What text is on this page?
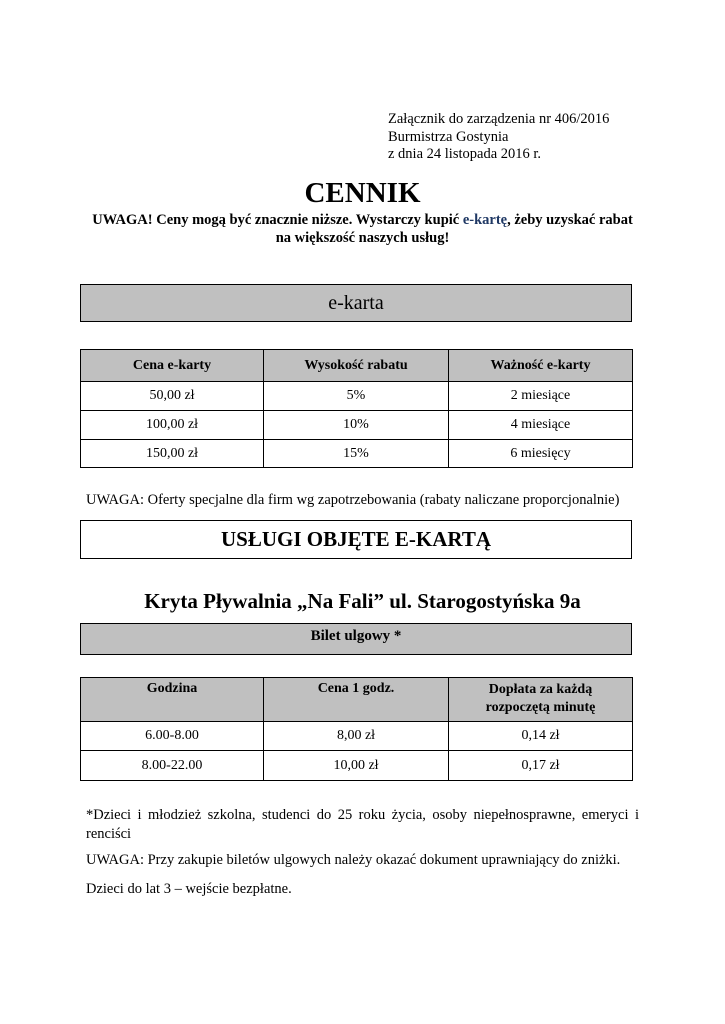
Załącznik do zarządzenia nr 406/2016
Burmistrza Gostynia
z dnia 24 listopada 2016 r.
CENNIK
UWAGA! Ceny mogą być znacznie niższe. Wystarczy kupić e-kartę, żeby uzyskać rabat
na większość naszych usług!
e-karta
Cena e-karty	Wysokość rabatu	Ważność e-karty
50,00 zł	5%	2 miesiące
100,00 zł	10%	4 miesiące
150,00 zł	15%	6 miesięcy
UWAGA: Oferty specjalne dla firm wg zapotrzebowania (rabaty naliczane proporcjonalnie)
USŁUGI OBJĘTE E-KARTĄ
Kryta Pływalnia „Na Fali” ul. Starogostyńska 9a
Bilet ulgowy *
Godzina	Cena 1 godz.	Dopłata za każdą rozpoczętą minutę
6.00-8.00	8,00 zł	0,14 zł
8.00-22.00	10,00 zł	0,17 zł
*Dzieci i młodzież szkolna, studenci do 25 roku życia, osoby niepełnosprawne, emeryci i renciści
UWAGA: Przy zakupie biletów ulgowych należy okazać dokument uprawniający do zniżki.
Dzieci do lat 3 – wejście bezpłatne.
